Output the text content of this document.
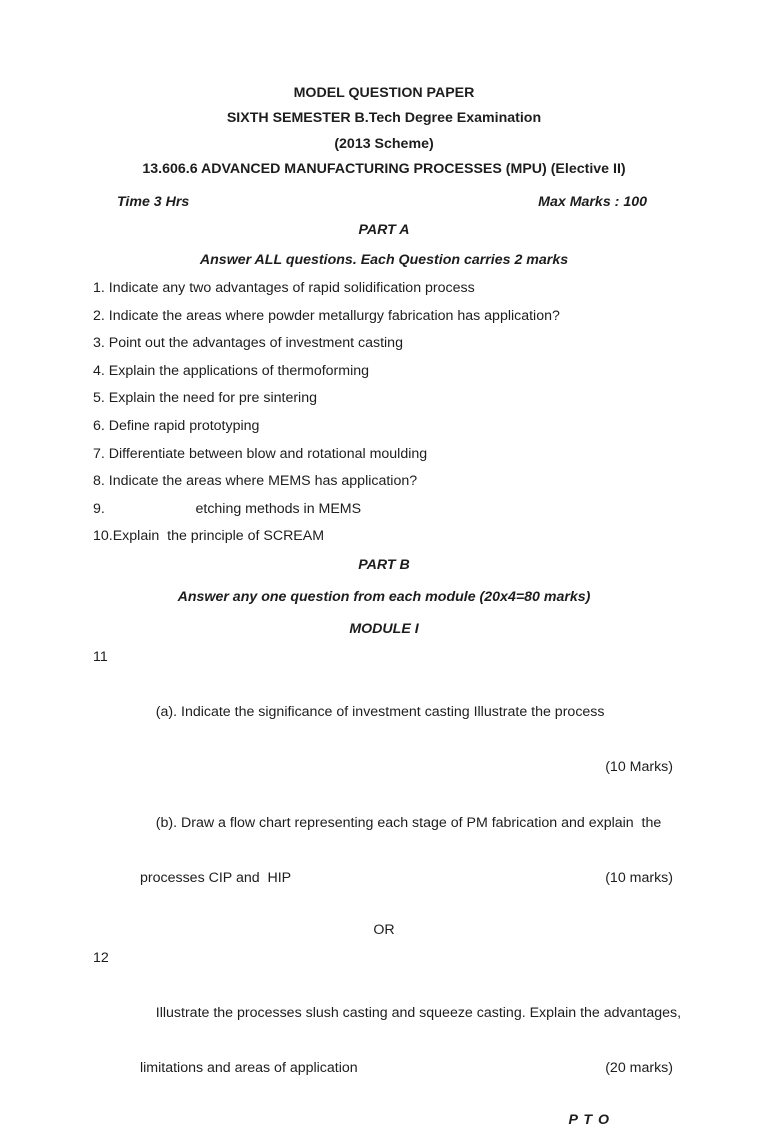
MODEL QUESTION PAPER
SIXTH SEMESTER B.Tech Degree Examination
(2013 Scheme)
13.606.6 ADVANCED MANUFACTURING PROCESSES (MPU) (Elective II)
Time 3 Hrs	Max Marks : 100
PART A
Answer ALL questions. Each Question carries 2 marks
1. Indicate any two advantages of rapid solidification process
2. Indicate the areas where powder metallurgy fabrication has application?
3. Point out the advantages of investment casting
4. Explain the applications of thermoforming
5. Explain the need for pre sintering
6. Define rapid prototyping
7. Differentiate between blow and rotational moulding
8. Indicate the areas where MEMS has application?
9.                       etching methods in MEMS
10.Explain  the principle of SCREAM
PART B
Answer any one question from each module (20x4=80 marks)
MODULE I

11

(a). Indicate the significance of investment casting Illustrate the process

(10 Marks)

(b). Draw a flow chart representing each stage of PM fabrication and explain  the

processes CIP and  HIP	(10 marks)
OR

12

Illustrate the processes slush casting and squeeze casting. Explain the advantages,

limitations and areas of application	(20 marks)
P T O
